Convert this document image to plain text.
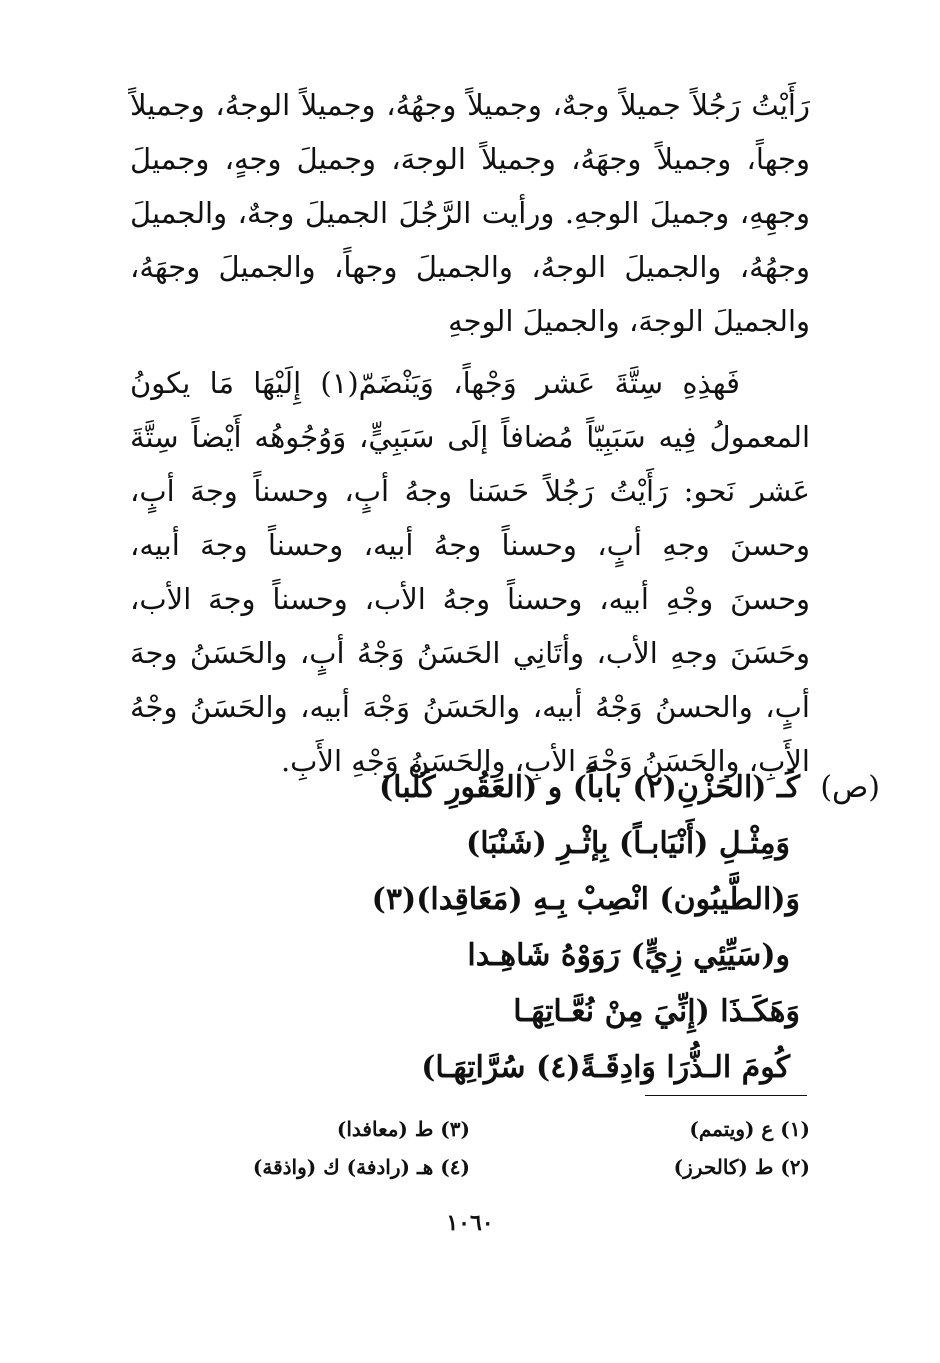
رَأَيْتُ رَجُلاً جميلاً وجهٌ، وجميلاً وجهُهُ، وجميلاً الوجهُ، وجميلاً وجهاً، وجميلاً وجهَهُ، وجميلاً الوجهَ، وجميلَ وجهٍ، وجميلَ وجهِهِ، وجميلَ الوجهِ. ورأيت الرَّجُلَ الجميلَ وجهٌ، والجميلَ وجهُهُ، والجميلَ الوجهُ، والجميلَ وجهاً، والجميلَ وجهَهُ، والجميلَ الوجهَ، والجميلَ الوجهِ

فَهذِهِ سِتَّةَ عَشر وَجْهاً، وَيَنْضَمّ(١) إِلَيْهَا مَا يكونُ المعمولُ فِيه سَبَبِيّاً مُضافاً إلَى سَبَبِيٍّ، وَوُجُوهُه أَيْضاً سِتَّةَ عَشر نَحو: رَأَيْتُ رَجُلاً حَسَنا وجهُ أبٍ، وحسناً وجهَ أبٍ، وحسنَ وجهِ أبٍ، وحسناً وجهُ أبيه، وحسناً وجهَ أبيه، وحسنَ وجْهِ أبيه، وحسناً وجهُ الأب، وحسناً وجهَ الأب، وحَسَنَ وجهِ الأب، وأتَانِي الحَسَنُ وَجْهُ أبٍ، والحَسَنُ وجهَ أبٍ، والحسنُ وَجْهُ أبيه، والحَسَنُ وَجْهَ أبيه، والحَسَنُ وجْهُ الأَبِ، والحَسَنُ وَجْهَ الأبِ، والحَسَنُ وَجْهِ الأَبِ.

(ص)
كَـ (الحَزْنِ(٢) باباً) و (العَقُورِ كَلْبا)
وَمِثْـلِ (أَنْيَابـاً) بِإثْـرِ (شَنْبَا)
وَ(الطَّيبُون) انْصِبْ بِـهِ (مَعَاقِدا)(٣)
و(سَيِّئِي زِيٍّ) رَوَوْهُ شَاهِـدا
وَهَكَـذَا (إِنِّيَ مِنْ نُعَّـاتِهَـا
كُومَ الـذُّرَا وَادِقَـةً(٤) سُرَّاتِهَـا)
(١) ع (ويتمم)
(٢) ط (كالحرز)
(٣) ط (معافدا)
(٤) هـ (رادفة) ك (واذقة)
١٠٦٠
